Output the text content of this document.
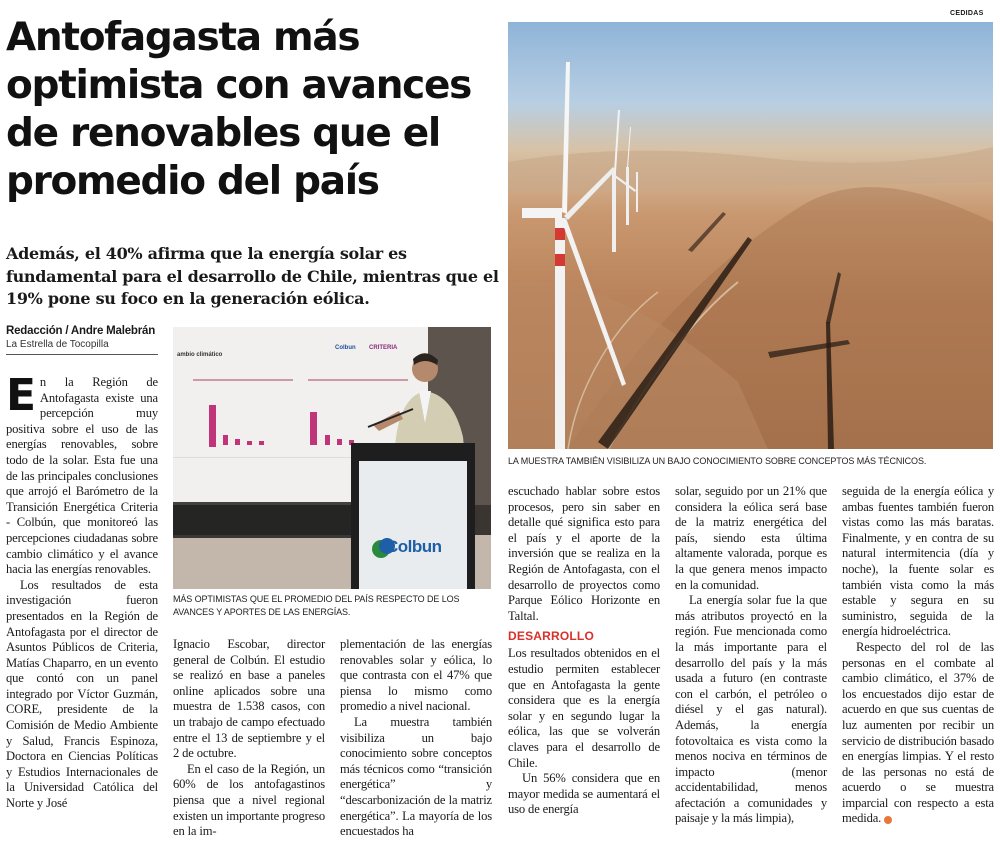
CEDIDAS
Antofagasta más optimista con avances de renovables que el promedio del país

Además, el 40% afirma que la energía solar es fundamental para el desarrollo de Chile, mientras que el 19% pone su foco en la generación eólica.

Redacción / Andre Malebrán
La Estrella de Tocopilla
LA MUESTRA TAMBIÉN VISIBILIZA UN BAJO CONOCIMIENTO SOBRE CONCEPTOS MÁS TÉCNICOS.
ambio climático
Colbun CRITERIA
Colbun
MÁS OPTIMISTAS QUE EL PROMEDIO DEL PAÍS RESPECTO DE LOS AVANCES Y APORTES DE LAS ENERGÍAS.

En la Región de Antofagasta existe una percepción muy positiva sobre el uso de las energías renovables, sobre todo de la solar. Esta fue una de las principales conclusiones que arrojó el Barómetro de la Transición Energética Criteria - Colbún, que monitoreó las percepciones ciudadanas sobre cambio climático y el avance hacia las energías renovables.

Los resultados de esta investigación fueron presentados en la Región de Antofagasta por el director de Asuntos Públicos de Criteria, Matías Chaparro, en un evento que contó con un panel integrado por Víctor Guzmán, CORE, presidente de la Comisión de Medio Ambiente y Salud, Francis Espinoza, Doctora en Ciencias Políticas y Estudios Internacionales de la Universidad Católica del Norte y José

Ignacio Escobar, director general de Colbún. El estudio se realizó en base a paneles online aplicados sobre una muestra de 1.538 casos, con un trabajo de campo efectuado entre el 13 de septiembre y el 2 de octubre.

En el caso de la Región, un 60% de los antofagastinos piensa que a nivel regional existen un importante progreso en la im-

plementación de las energías renovables solar y eólica, lo que contrasta con el 47% que piensa lo mismo como promedio a nivel nacional.

La muestra también visibiliza un bajo conocimiento sobre conceptos más técnicos como “transición energética” y “descarbonización de la matriz energética”. La mayoría de los encuestados ha

escuchado hablar sobre estos procesos, pero sin saber en detalle qué significa esto para el país y el aporte de la inversión que se realiza en la Región de Antofagasta, con el desarrollo de proyectos como Parque Eólico Horizonte en Taltal.

DESARROLLO

Los resultados obtenidos en el estudio permiten establecer que en Antofagasta la gente considera que es la energía solar y en segundo lugar la eólica, las que se volverán claves para el desarrollo de Chile.

Un 56% considera que en mayor medida se aumentará el uso de energía

solar, seguido por un 21% que considera la eólica será base de la matriz energética del país, siendo esta última altamente valorada, porque es la que genera menos impacto en la comunidad.

La energía solar fue la que más atributos proyectó en la región. Fue mencionada como la más importante para el desarrollo del país y la más usada a futuro (en contraste con el carbón, el petróleo o diésel y el gas natural). Además, la energía fotovoltaica es vista como la menos nociva en términos de impacto (menor accidentabilidad, menos afectación a comunidades y paisaje y la más limpia),

seguida de la energía eólica y ambas fuentes también fueron vistas como las más baratas. Finalmente, y en contra de su natural intermitencia (día y noche), la fuente solar es también vista como la más estable y segura en su suministro, seguida de la energía hidroeléctrica.

Respecto del rol de las personas en el combate al cambio climático, el 37% de los encuestados dijo estar de acuerdo en que sus cuentas de luz aumenten por recibir un servicio de distribución basado en energías limpias. Y el resto de las personas no está de acuerdo o se muestra imparcial con respecto a esta medida.
